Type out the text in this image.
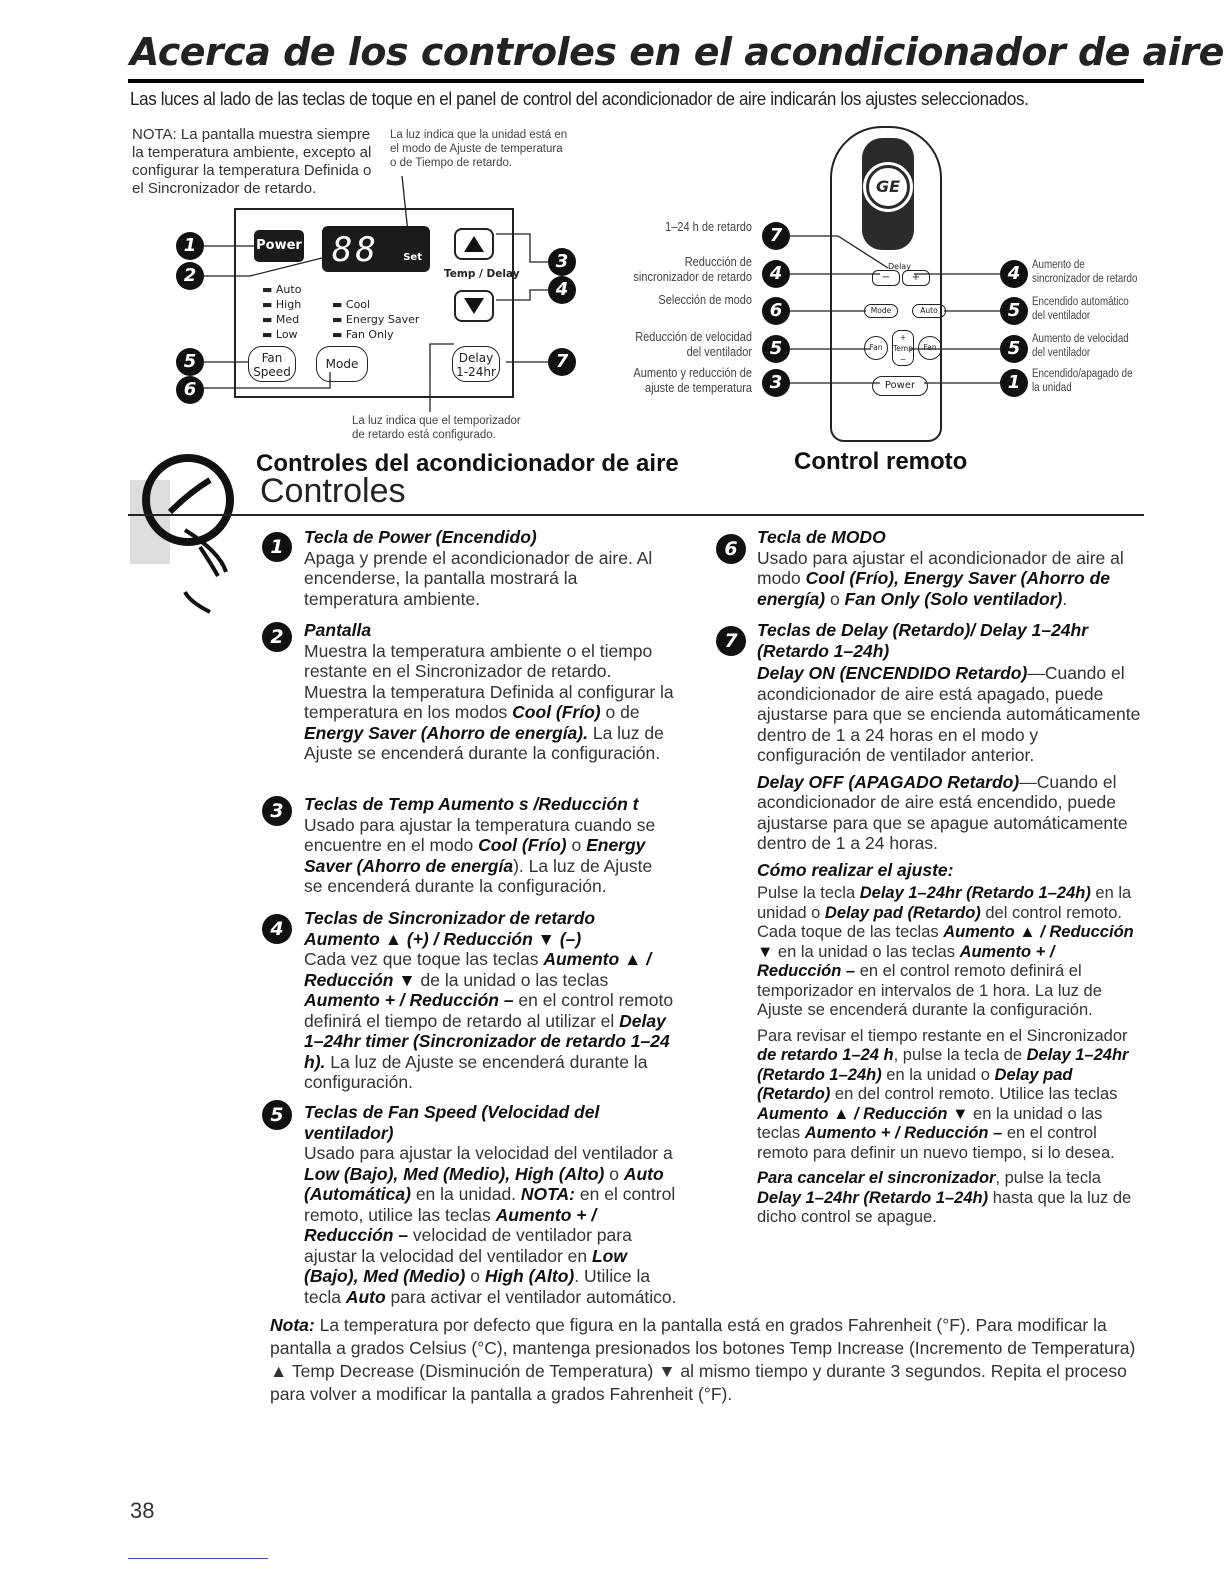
Acerca de los controles en el acondicionador de aire
Las luces al lado de las teclas de toque en el panel de control del acondicionador de aire indicarán los ajustes seleccionados.
NOTA: La pantalla muestra siempre la temperatura ambiente, excepto al configurar la temperatura Definida o el Sincronizador de retardo.
La luz indica que la unidad está en el modo de Ajuste de temperatura o de Tiempo de retardo.
La luz indica que el temporizador de retardo está configurado.
1
2
5
6
3
4
7
Power 88 Set
Temp / Delay
▬ Auto
▬ High
▬ Med
▬ Low
▬ Cool
▬ Energy Saver
▬ Fan Only
Fan Speed
Mode	Delay 1-24hr
1–24 h de retardo
Reducción de sincronizador de retardo
Selección de modo
Reducción de velocidad del ventilador
Aumento y reducción de ajuste de temperatura
7
4
6
5
3
4
5
5
1
Aumento de sincronizador de retardo
Encendido automático del ventilador
Aumento de velocidad del ventilador
Encendido/apagado de la unidad
GE
Delay
−	+
Mode	Auto
Fan
+
Temp
−
Fan
Power
Controles del acondicionador de aire	Control remoto
Controles
1	Tecla de Power (Encendido)
Apaga y prende el acondicionador de aire. Al encenderse, la pantalla mostrará la temperatura ambiente.
2	Pantalla
Muestra la temperatura ambiente o el tiempo restante en el Sincronizador de retardo. Muestra la temperatura Definida al configurar la temperatura en los modos Cool (Frío) o de Energy Saver (Ahorro de energía). La luz de Ajuste se encenderá durante la configuración.
3	Teclas de Temp Aumento s /Reducción t
Usado para ajustar la temperatura cuando se encuentre en el modo Cool (Frío) o Energy Saver (Ahorro de energía). La luz de Ajuste se encenderá durante la configuración.
4	Teclas de Sincronizador de retardo Aumento ▲ (+) / Reducción ▼ (–)
Cada vez que toque las teclas Aumento ▲ / Reducción ▼ de la unidad o las teclas Aumento + / Reducción – en el control remoto definirá el tiempo de retardo al utilizar el Delay 1–24hr timer (Sincronizador de retardo 1–24 h). La luz de Ajuste se encenderá durante la configuración.
5	Teclas de Fan Speed (Velocidad del ventilador)
Usado para ajustar la velocidad del ventilador a Low (Bajo), Med (Medio), High (Alto) o Auto (Automática) en la unidad. NOTA: en el control remoto, utilice las teclas Aumento + / Reducción – velocidad de ventilador para ajustar la velocidad del ventilador en Low (Bajo), Med (Medio) o High (Alto). Utilice la tecla Auto para activar el ventilador automático.
6
Tecla de MODO
Usado para ajustar el acondicionador de aire al modo Cool (Frío), Energy Saver (Ahorro de energía) o Fan Only (Solo ventilador).
7	Teclas de Delay (Retardo)/ Delay 1–24hr (Retardo 1–24h)
Delay ON (ENCENDIDO Retardo)—Cuando el acondicionador de aire está apagado, puede ajustarse para que se encienda automáticamente dentro de 1 a 24 horas en el modo y configuración de ventilador anterior.
Delay OFF (APAGADO Retardo)—Cuando el acondicionador de aire está encendido, puede ajustarse para que se apague automáticamente dentro de 1 a 24 horas.
Cómo realizar el ajuste:
Pulse la tecla Delay 1–24hr (Retardo 1–24h) en la unidad o Delay pad (Retardo) del control remoto. Cada toque de las teclas Aumento ▲ / Reducción ▼ en la unidad o las teclas Aumento + / Reducción – en el control remoto definirá el temporizador en intervalos de 1 hora. La luz de Ajuste se encenderá durante la configuración.
Para revisar el tiempo restante en el Sincronizador de retardo 1–24 h, pulse la tecla de Delay 1–24hr (Retardo 1–24h) en la unidad o Delay pad (Retardo) en del control remoto. Utilice las teclas Aumento ▲ / Reducción ▼ en la unidad o las teclas Aumento + / Reducción – en el control remoto para definir un nuevo tiempo, si lo desea.
Para cancelar el sincronizador, pulse la tecla Delay 1–24hr (Retardo 1–24h) hasta que la luz de dicho control se apague.
Nota: La temperatura por defecto que figura en la pantalla está en grados Fahrenheit (°F). Para modificar la pantalla a grados Celsius (°C), mantenga presionados los botones Temp Increase (Incremento de Temperatura) ▲ Temp Decrease (Disminución de Temperatura) ▼ al mismo tiempo y durante 3 segundos. Repita el proceso para volver a modificar la pantalla a grados Fahrenheit (°F).
38
